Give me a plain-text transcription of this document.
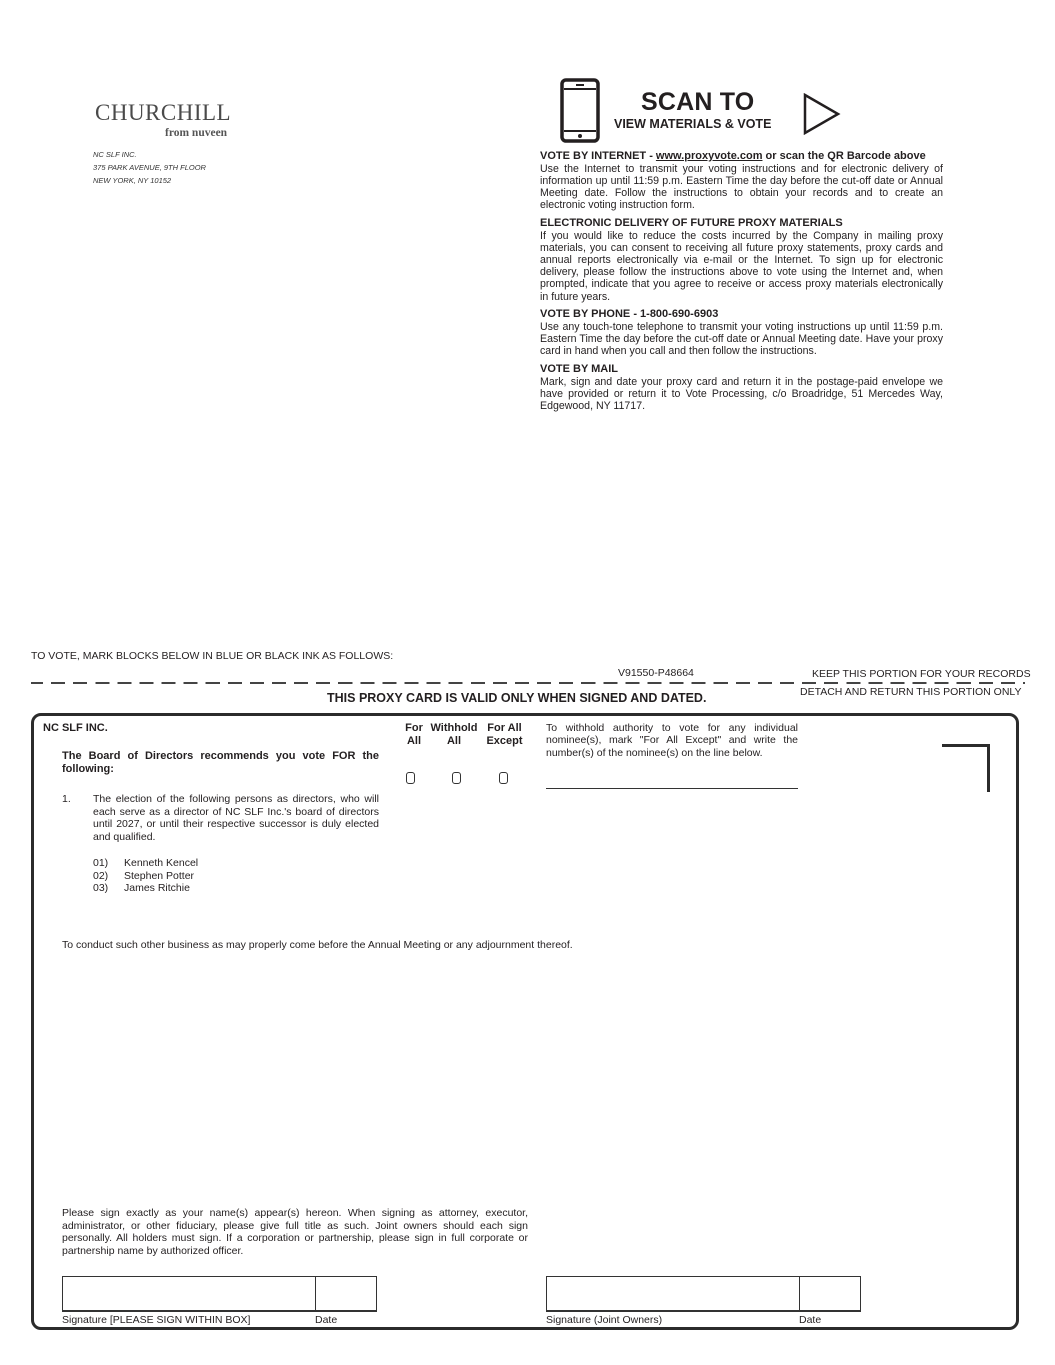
CHURCHILL
from nuveen
NC SLF INC.
375 PARK AVENUE, 9TH FLOOR
NEW YORK, NY 10152
SCAN TO
VIEW MATERIALS & VOTE
VOTE BY INTERNET - www.proxyvote.com or scan the QR Barcode above

Use the Internet to transmit your voting instructions and for electronic delivery of information up until 11:59 p.m. Eastern Time the day before the cut-off date or Annual Meeting date. Follow the instructions to obtain your records and to create an electronic voting instruction form.

ELECTRONIC DELIVERY OF FUTURE PROXY MATERIALS

If you would like to reduce the costs incurred by the Company in mailing proxy materials, you can consent to receiving all future proxy statements, proxy cards and annual reports electronically via e-mail or the Internet. To sign up for electronic delivery, please follow the instructions above to vote using the Internet and, when prompted, indicate that you agree to receive or access proxy materials electronically in future years.

VOTE BY PHONE - 1-800-690-6903

Use any touch-tone telephone to transmit your voting instructions up until 11:59 p.m. Eastern Time the day before the cut-off date or Annual Meeting date. Have your proxy card in hand when you call and then follow the instructions.

VOTE BY MAIL

Mark, sign and date your proxy card and return it in the postage-paid envelope we have provided or return it to Vote Processing, c/o Broadridge, 51 Mercedes Way, Edgewood, NY 11717.

TO VOTE, MARK BLOCKS BELOW IN BLUE OR BLACK INK AS FOLLOWS:
V91550-P48664	KEEP THIS PORTION FOR YOUR RECORDS
DETACH AND RETURN THIS PORTION ONLY
THIS PROXY CARD IS VALID ONLY WHEN SIGNED AND DATED.
NC SLF INC.
The Board of Directors recommends you vote FOR the following:
1. The election of the following persons as directors, who will each serve as a director of NC SLF Inc.'s board of directors until 2027, or until their respective successor is duly elected and qualified.
01) Kenneth Kencel
02) Stephen Potter
03) James Ritchie
For
All
Withhold
All
For All
Except
To withhold authority to vote for any individual nominee(s), mark "For All Except" and write the number(s) of the nominee(s) on the line below.
To conduct such other business as may properly come before the Annual Meeting or any adjournment thereof.
Please sign exactly as your name(s) appear(s) hereon. When signing as attorney, executor, administrator, or other fiduciary, please give full title as such. Joint owners should each sign personally. All holders must sign. If a corporation or partnership, please sign in full corporate or partnership name by authorized officer.
Signature [PLEASE SIGN WITHIN BOX]	Date	Signature (Joint Owners)	Date
